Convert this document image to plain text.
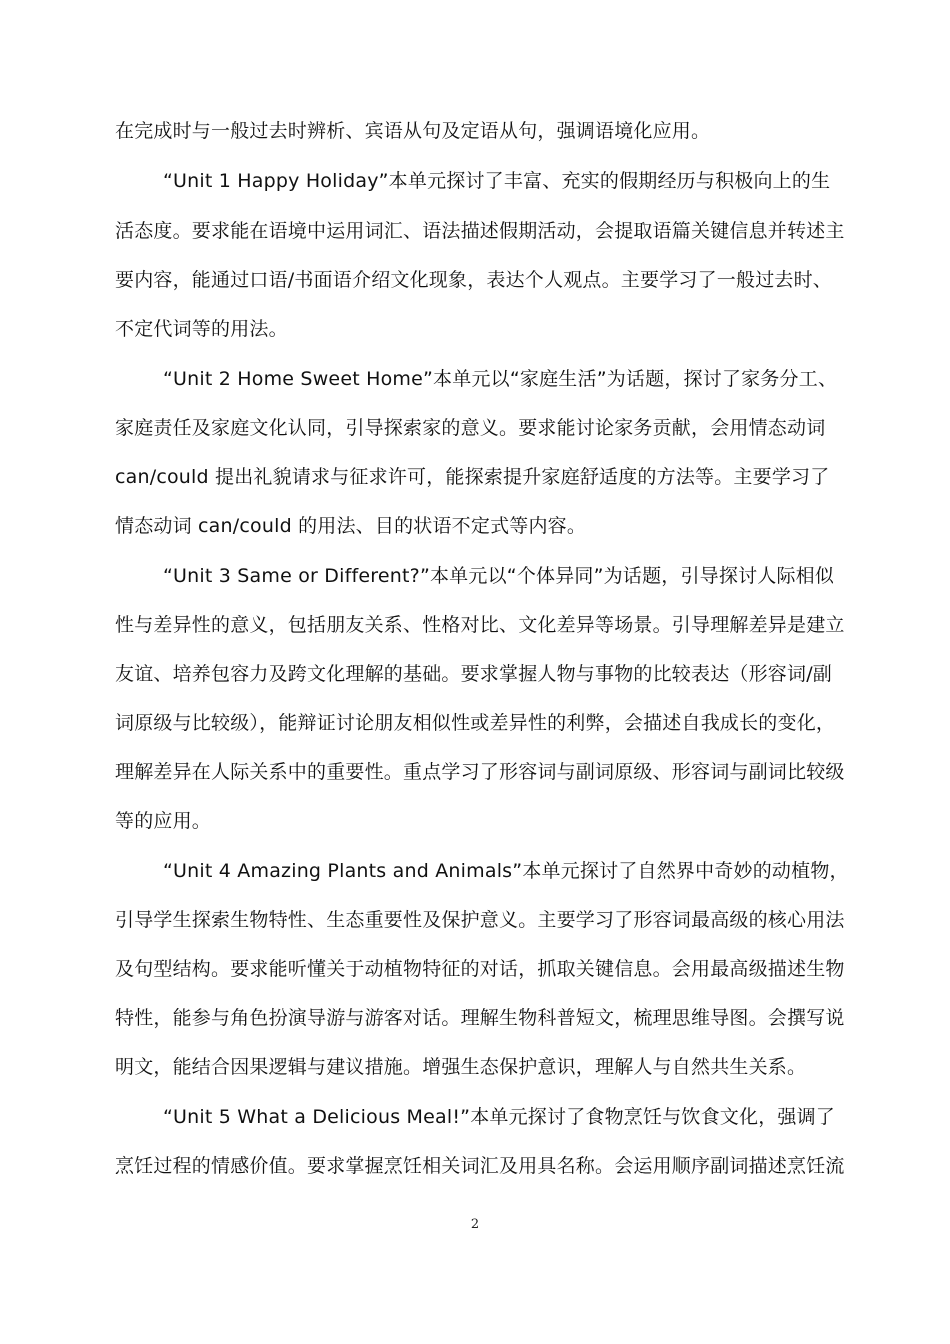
在完成时与一般过去时辨析、宾语从句及定语从句，强调语境化应用。
“Unit 1 Happy Holiday”本单元探讨了丰富、充实的假期经历与积极向上的生
活态度。要求能在语境中运用词汇、语法描述假期活动，会提取语篇关键信息并转述主
要内容，能通过口语/书面语介绍文化现象，表达个人观点。主要学习了一般过去时、
不定代词等的用法。
“Unit 2 Home Sweet Home”本单元以“家庭生活”为话题，探讨了家务分工、
家庭责任及家庭文化认同，引导探索家的意义。要求能讨论家务贡献，会用情态动词
can/could 提出礼貌请求与征求许可，能探索提升家庭舒适度的方法等。主要学习了
情态动词 can/could 的用法、目的状语不定式等内容。
“Unit 3 Same or Different?”本单元以“个体异同”为话题，引导探讨人际相似
性与差异性的意义，包括朋友关系、性格对比、文化差异等场景。引导理解差异是建立
友谊、培养包容力及跨文化理解的基础。要求掌握人物与事物的比较表达（形容词/副
词原级与比较级），能辩证讨论朋友相似性或差异性的利弊，会描述自我成长的变化，
理解差异在人际关系中的重要性。重点学习了形容词与副词原级、形容词与副词比较级
等的应用。
“Unit 4 Amazing Plants and Animals”本单元探讨了自然界中奇妙的动植物，
引导学生探索生物特性、生态重要性及保护意义。主要学习了形容词最高级的核心用法
及句型结构。要求能听懂关于动植物特征的对话，抓取关键信息。会用最高级描述生物
特性，能参与角色扮演导游与游客对话。理解生物科普短文，梳理思维导图。会撰写说
明文，能结合因果逻辑与建议措施。增强生态保护意识，理解人与自然共生关系。
“Unit 5 What a Delicious Meal!”本单元探讨了食物烹饪与饮食文化，强调了
烹饪过程的情感价值。要求掌握烹饪相关词汇及用具名称。会运用顺序副词描述烹饪流
2
